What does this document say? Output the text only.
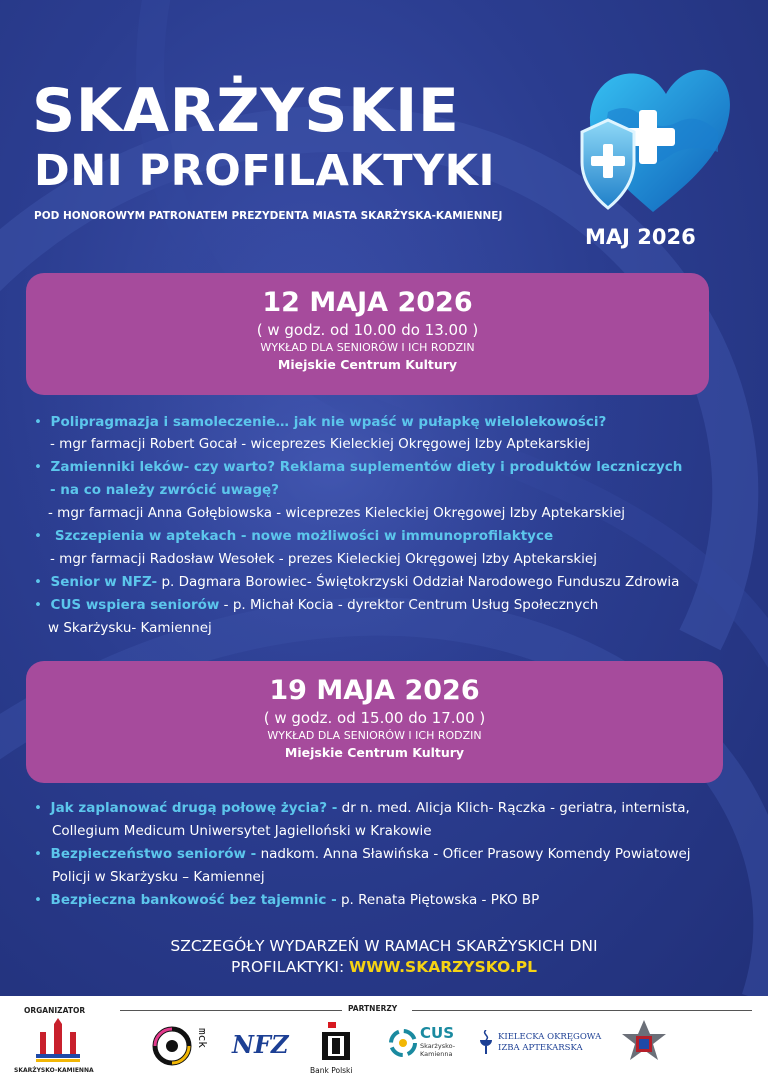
SKARŻYSKIE
DNI PROFILAKTYKI
POD HONOROWYM PATRONATEM PREZYDENTA MIASTA SKARŻYSKA-KAMIENNEJ
MAJ 2026
12 MAJA 2026
( w godz. od 10.00 do 13.00 )
WYKŁAD DLA SENIORÓW I ICH RODZIN
Miejskie Centrum Kultury
•  Polipragmazja i samoleczenie… jak nie wpaść w pułapkę wielolekowości?
- mgr farmacji Robert Gocał - wiceprezes Kieleckiej Okręgowej Izby Aptekarskiej
•  Zamienniki leków- czy warto? Reklama suplementów diety i produktów leczniczych
- na co należy zwrócić uwagę?
- mgr farmacji Anna Gołębiowska - wiceprezes Kieleckiej Okręgowej Izby Aptekarskiej
•   Szczepienia w aptekach - nowe możliwości w immunoprofilaktyce
- mgr farmacji Radosław Wesołek - prezes Kieleckiej Okręgowej Izby Aptekarskiej
•  Senior w NFZ- p. Dagmara Borowiec- Świętokrzyski Oddział Narodowego Funduszu Zdrowia
•  CUS wspiera seniorów - p. Michał Kocia - dyrektor Centrum Usług Społecznych
w Skarżysku- Kamiennej
19 MAJA 2026
( w godz. od 15.00 do 17.00 )
WYKŁAD DLA SENIORÓW I ICH RODZIN
Miejskie Centrum Kultury
•  Jak zaplanować drugą połowę życia? - dr n. med. Alicja Klich- Rączka - geriatra, internista,
Collegium Medicum Uniwersytet Jagielloński w Krakowie
•  Bezpieczeństwo seniorów - nadkom. Anna Sławińska - Oficer Prasowy Komendy Powiatowej
Policji w Skarżysku – Kamiennej
•  Bezpieczna bankowość bez tajemnic - p. Renata Piętowska - PKO BP
SZCZEGÓŁY WYDARZEŃ W RAMACH SKARŻYSKICH DNI
PROFILAKTYKI: WWW.SKARZYSKO.PL
ORGANIZATOR	PARTNERZY
SKARŻYSKO-KAMIENNA
mck NFZ
Bank Polski
CUS
Skarżysko-
Kamienna
KIELECKA OKRĘGOWA
IZBA APTEKARSKA
